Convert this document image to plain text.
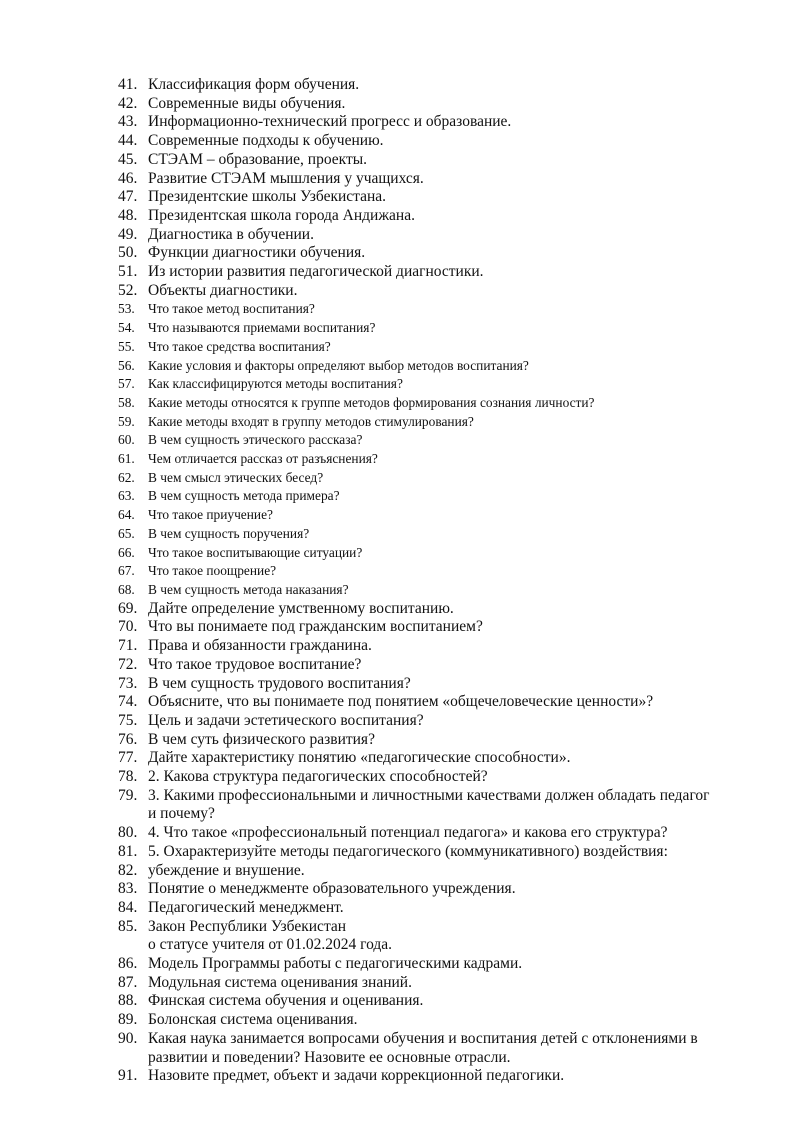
41. Классификация форм обучения.
42. Современные виды обучения.
43. Информационно-технический прогресс и образование.
44. Современные подходы к обучению.
45. СТЭАМ – образование, проекты.
46. Развитие СТЭАМ мышления у учащихся.
47. Президентские школы Узбекистана.
48. Президентская школа города Андижана.
49. Диагностика в обучении.
50. Функции диагностики обучения.
51. Из истории развития педагогической диагностики.
52. Объекты диагностики.
53. Что такое метод воспитания?
54. Что называются приемами воспитания?
55. Что такое средства воспитания?
56. Какие условия и факторы определяют выбор методов воспитания?
57. Как классифицируются методы воспитания?
58. Какие методы относятся к группе методов формирования сознания личности?
59. Какие методы входят в группу методов стимулирования?
60. В чем сущность этического рассказа?
61. Чем отличается рассказ от разъяснения?
62. В чем смысл этических бесед?
63. В чем сущность метода примера?
64. Что такое приучение?
65. В чем сущность поручения?
66. Что такое воспитывающие ситуации?
67. Что такое поощрение?
68. В чем сущность метода наказания?
69. Дайте определение умственному воспитанию.
70. Что вы понимаете под гражданским воспитанием?
71. Права и обязанности гражданина.
72. Что такое трудовое воспитание?
73. В чем сущность трудового воспитания?
74. Объясните, что вы понимаете под понятием «общечеловеческие ценности»?
75. Цель и задачи эстетического воспитания?
76. В чем суть физического развития?
77. Дайте характеристику понятию «педагогические способности».
78. 2. Какова структура педагогических способностей?
79. 3. Какими профессиональными и личностными качествами должен обладать педагог
и почему?
80. 4. Что такое «профессиональный потенциал педагога» и какова его структура?
81. 5. Охарактеризуйте методы педагогического (коммуникативного) воздействия:
82. убеждение и внушение.
83. Понятие о менеджменте образовательного учреждения.
84. Педагогический менеджмент.
85. Закон Республики Узбекистан
о статусе учителя от 01.02.2024 года.
86. Модель Программы работы с педагогическими кадрами.
87. Модульная система оценивания знаний.
88. Финская система обучения и оценивания.
89. Болонская система оценивания.
90. Какая наука занимается вопросами обучения и воспитания детей с отклонениями в
развитии и поведении? Назовите ее основные отрасли.
91. Назовите предмет, объект и задачи коррекционной педагогики.
